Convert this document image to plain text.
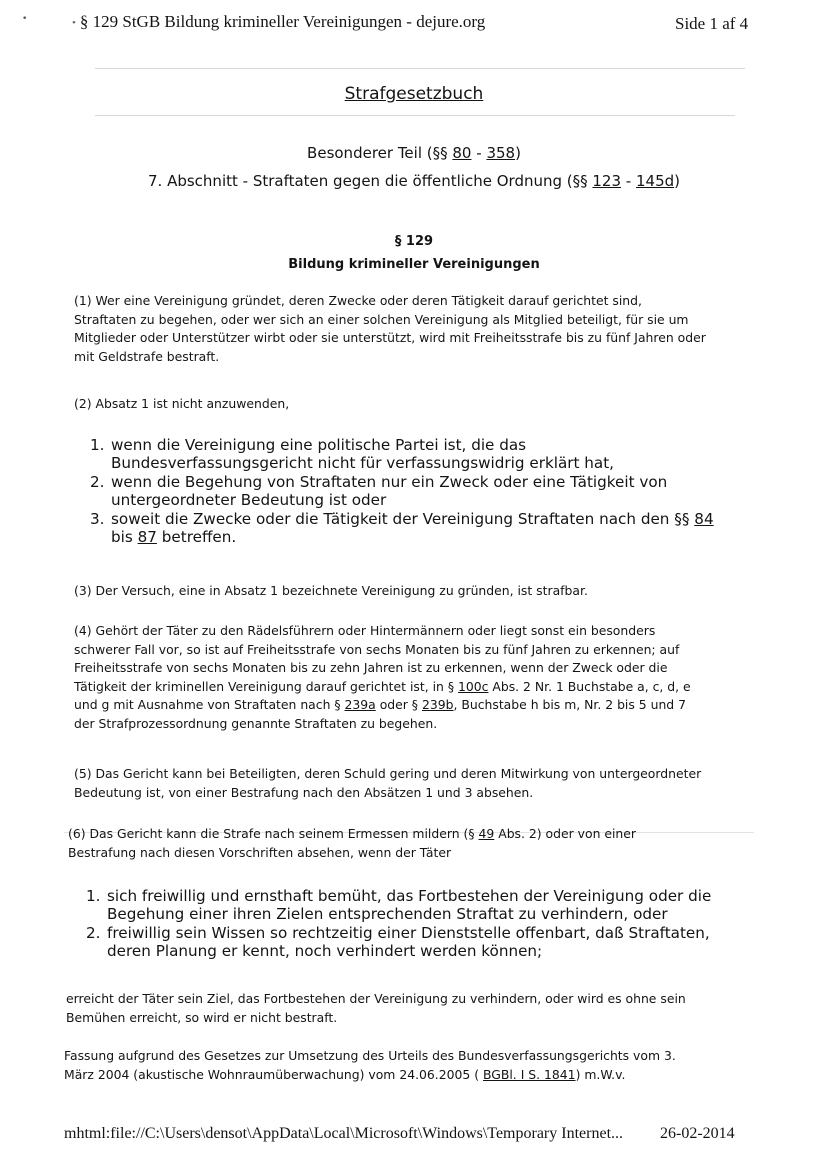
•	• § 129 StGB Bildung krimineller Vereinigungen - dejure.org	Side 1 af 4
Strafgesetzbuch
Besonderer Teil (§§ 80 - 358)
7. Abschnitt - Straftaten gegen die öffentliche Ordnung (§§ 123 - 145d)
§ 129
Bildung krimineller Vereinigungen
(1) Wer eine Vereinigung gründet, deren Zwecke oder deren Tätigkeit darauf gerichtet sind,
Straftaten zu begehen, oder wer sich an einer solchen Vereinigung als Mitglied beteiligt, für sie um
Mitglieder oder Unterstützer wirbt oder sie unterstützt, wird mit Freiheitsstrafe bis zu fünf Jahren oder
mit Geldstrafe bestraft.
(2) Absatz 1 ist nicht anzuwenden,
1. wenn die Vereinigung eine politische Partei ist, die das
Bundesverfassungsgericht nicht für verfassungswidrig erklärt hat,
2. wenn die Begehung von Straftaten nur ein Zweck oder eine Tätigkeit von
untergeordneter Bedeutung ist oder
3. soweit die Zwecke oder die Tätigkeit der Vereinigung Straftaten nach den §§ 84
bis 87 betreffen.
(3) Der Versuch, eine in Absatz 1 bezeichnete Vereinigung zu gründen, ist strafbar.
(4) Gehört der Täter zu den Rädelsführern oder Hintermännern oder liegt sonst ein besonders
schwerer Fall vor, so ist auf Freiheitsstrafe von sechs Monaten bis zu fünf Jahren zu erkennen; auf
Freiheitsstrafe von sechs Monaten bis zu zehn Jahren ist zu erkennen, wenn der Zweck oder die
Tätigkeit der kriminellen Vereinigung darauf gerichtet ist, in § 100c Abs. 2 Nr. 1 Buchstabe a, c, d, e
und g mit Ausnahme von Straftaten nach § 239a oder § 239b, Buchstabe h bis m, Nr. 2 bis 5 und 7
der Strafprozessordnung genannte Straftaten zu begehen.
(5) Das Gericht kann bei Beteiligten, deren Schuld gering und deren Mitwirkung von untergeordneter
Bedeutung ist, von einer Bestrafung nach den Absätzen 1 und 3 absehen.
(6) Das Gericht kann die Strafe nach seinem Ermessen mildern (§ 49 Abs. 2) oder von einer
Bestrafung nach diesen Vorschriften absehen, wenn der Täter
1. sich freiwillig und ernsthaft bemüht, das Fortbestehen der Vereinigung oder die
Begehung einer ihren Zielen entsprechenden Straftat zu verhindern, oder
2. freiwillig sein Wissen so rechtzeitig einer Dienststelle offenbart, daß Straftaten,
deren Planung er kennt, noch verhindert werden können;
erreicht der Täter sein Ziel, das Fortbestehen der Vereinigung zu verhindern, oder wird es ohne sein
Bemühen erreicht, so wird er nicht bestraft.
Fassung aufgrund des Gesetzes zur Umsetzung des Urteils des Bundesverfassungsgerichts vom 3.
März 2004 (akustische Wohnraumüberwachung) vom 24.06.2005 ( BGBl. I S. 1841) m.W.v.
mhtml:file://C:\Users\densot\AppData\Local\Microsoft\Windows\Temporary Internet... 26-02-2014
